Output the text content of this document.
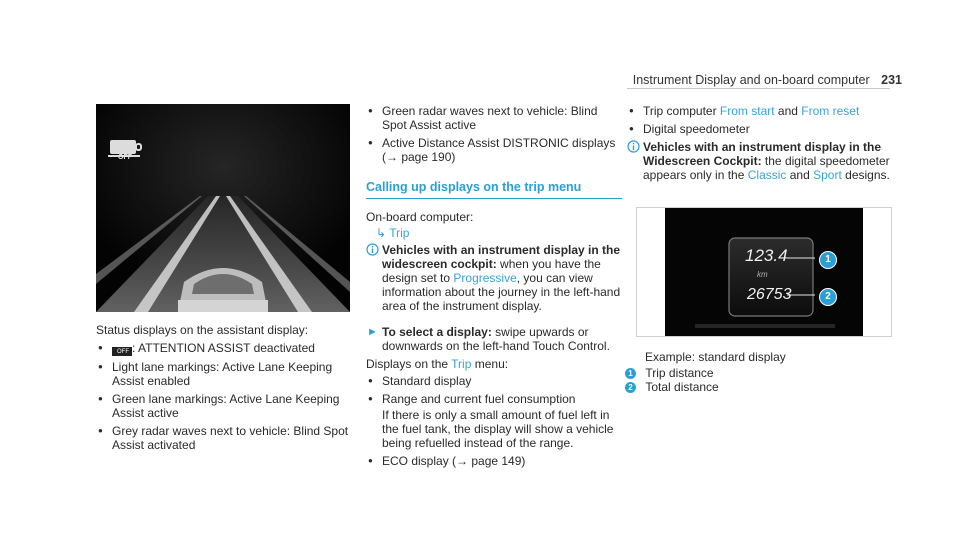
Instrument Display and on-board computer 231
OFF
Status displays on the assistant display:
● OFF : ATTENTION ASSIST deactivated
● Light lane markings: Active Lane Keeping Assist enabled
● Green lane markings: Active Lane Keeping Assist active
● Grey radar waves next to vehicle: Blind Spot Assist activated
● Green radar waves next to vehicle: Blind Spot Assist active
● Active Distance Assist DISTRONIC displays (→ page 190)
Calling up displays on the trip menu
On-board computer:
↳ Trip
Vehicles with an instrument display in the widescreen cockpit: when you have the design set to Progressive, you can view information about the journey in the left-hand area of the instrument display.
► To select a display: swipe upwards or downwards on the left-hand Touch Control.
Displays on the Trip menu:
● Standard display
● Range and current fuel consumption
If there is only a small amount of fuel left in the fuel tank, the display will show a vehicle being refuelled instead of the range.
● ECO display (→ page 149)
● Trip computer From start and From reset
● Digital speedometer
Vehicles with an instrument display in the Widescreen Cockpit: the digital speedometer appears only in the Classic and Sport designs.
123.4
km
26753
1
2
Example: standard display
1 Trip distance
2 Total distance
